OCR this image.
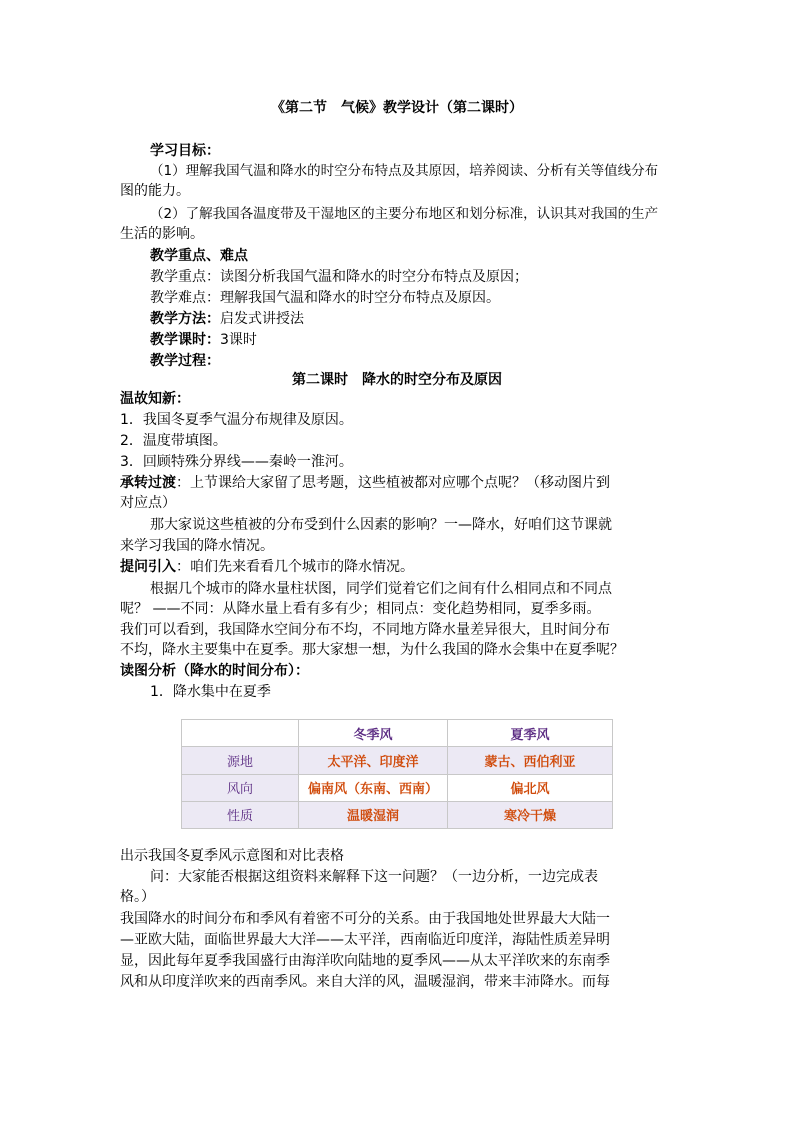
《第二节　气候》教学设计（第二课时）
学习目标：
（1）理解我国气温和降水的时空分布特点及其原因，培养阅读、分析有关等值线分布
图的能力。
（2）了解我国各温度带及干湿地区的主要分布地区和划分标准，认识其对我国的生产
生活的影响。
教学重点、难点
教学重点：读图分析我国气温和降水的时空分布特点及原因；
教学难点：理解我国气温和降水的时空分布特点及原因。
教学方法：启发式讲授法
教学课时：3课时
教学过程：
第二课时　降水的时空分布及原因
温故知新：
1．我国冬夏季气温分布规律及原因。
2．温度带填图。
3．回顾特殊分界线——秦岭一淮河。
承转过渡：上节课给大家留了思考题，这些植被都对应哪个点呢？（移动图片到
对应点）
那大家说这些植被的分布受到什么因素的影响？一—降水，好咱们这节课就
来学习我国的降水情况。
提问引入：咱们先来看看几个城市的降水情况。
根据几个城市的降水量柱状图，同学们觉着它们之间有什么相同点和不同点
呢？ ——不同：从降水量上看有多有少；相同点：变化趋势相同，夏季多雨。
我们可以看到，我国降水空间分布不均，不同地方降水量差异很大，且时间分布
不均，降水主要集中在夏季。那大家想一想，为什么我国的降水会集中在夏季呢？
读图分析（降水的时间分布）：
1．降水集中在夏季
	冬季风	夏季风
源地	太平洋、印度洋	蒙古、西伯利亚
风向	偏南风（东南、西南）	偏北风
性质	温暖湿润	寒冷干燥
出示我国冬夏季风示意图和对比表格
问：大家能否根据这组资料来解释下这一问题？（一边分析，一边完成表
格。）
我国降水的时间分布和季风有着密不可分的关系。由于我国地处世界最大大陆一
—亚欧大陆，面临世界最大大洋——太平洋，西南临近印度洋，海陆性质差异明
显，因此每年夏季我国盛行由海洋吹向陆地的夏季风——从太平洋吹来的东南季
风和从印度洋吹来的西南季风。来自大洋的风，温暖湿润，带来丰沛降水。而每
